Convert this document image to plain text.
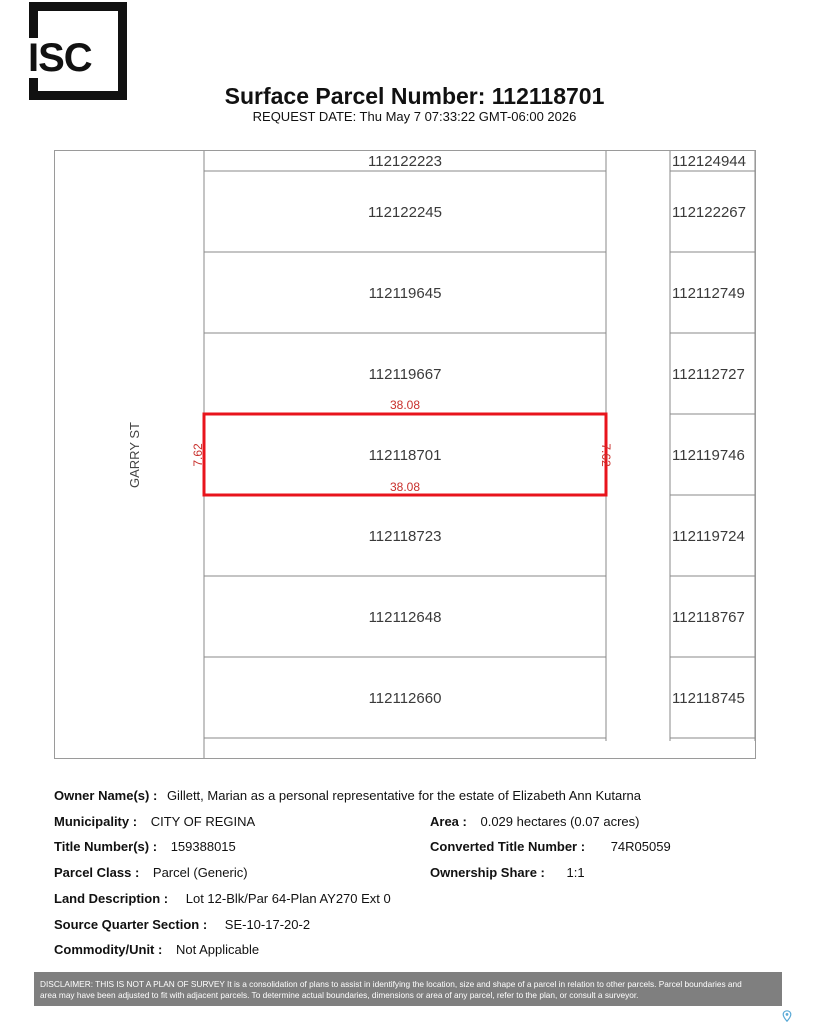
ISC
Surface Parcel Number: 112118701
REQUEST DATE: Thu May 7 07:33:22 GMT-06:00 2026
112122223
112122245
112119645
112119667
112118701
112118723
112112648
112112660
112124944
112122267
112112749
112112727
112119746
112119724
112118767
112118745
GARRY ST
38.08
38.08
7.62	7.62
Owner Name(s) : Gillett, Marian as a personal representative for the estate of Elizabeth Ann Kutarna
Municipality : CITY OF REGINA	Area : 0.029 hectares (0.07 acres)
Title Number(s) : 159388015	Converted Title Number : 74R05059
Parcel Class : Parcel (Generic)	Ownership Share : 1:1
Land Description : Lot 12-Blk/Par 64-Plan AY270 Ext 0
Source Quarter Section : SE-10-17-20-2
Commodity/Unit : Not Applicable
DISCLAIMER: THIS IS NOT A PLAN OF SURVEY It is a consolidation of plans to assist in identifying the location, size and shape of a parcel in relation to other parcels. Parcel boundaries and
area may have been adjusted to fit with adjacent parcels. To determine actual boundaries, dimensions or area of any parcel, refer to the plan, or consult a surveyor.
